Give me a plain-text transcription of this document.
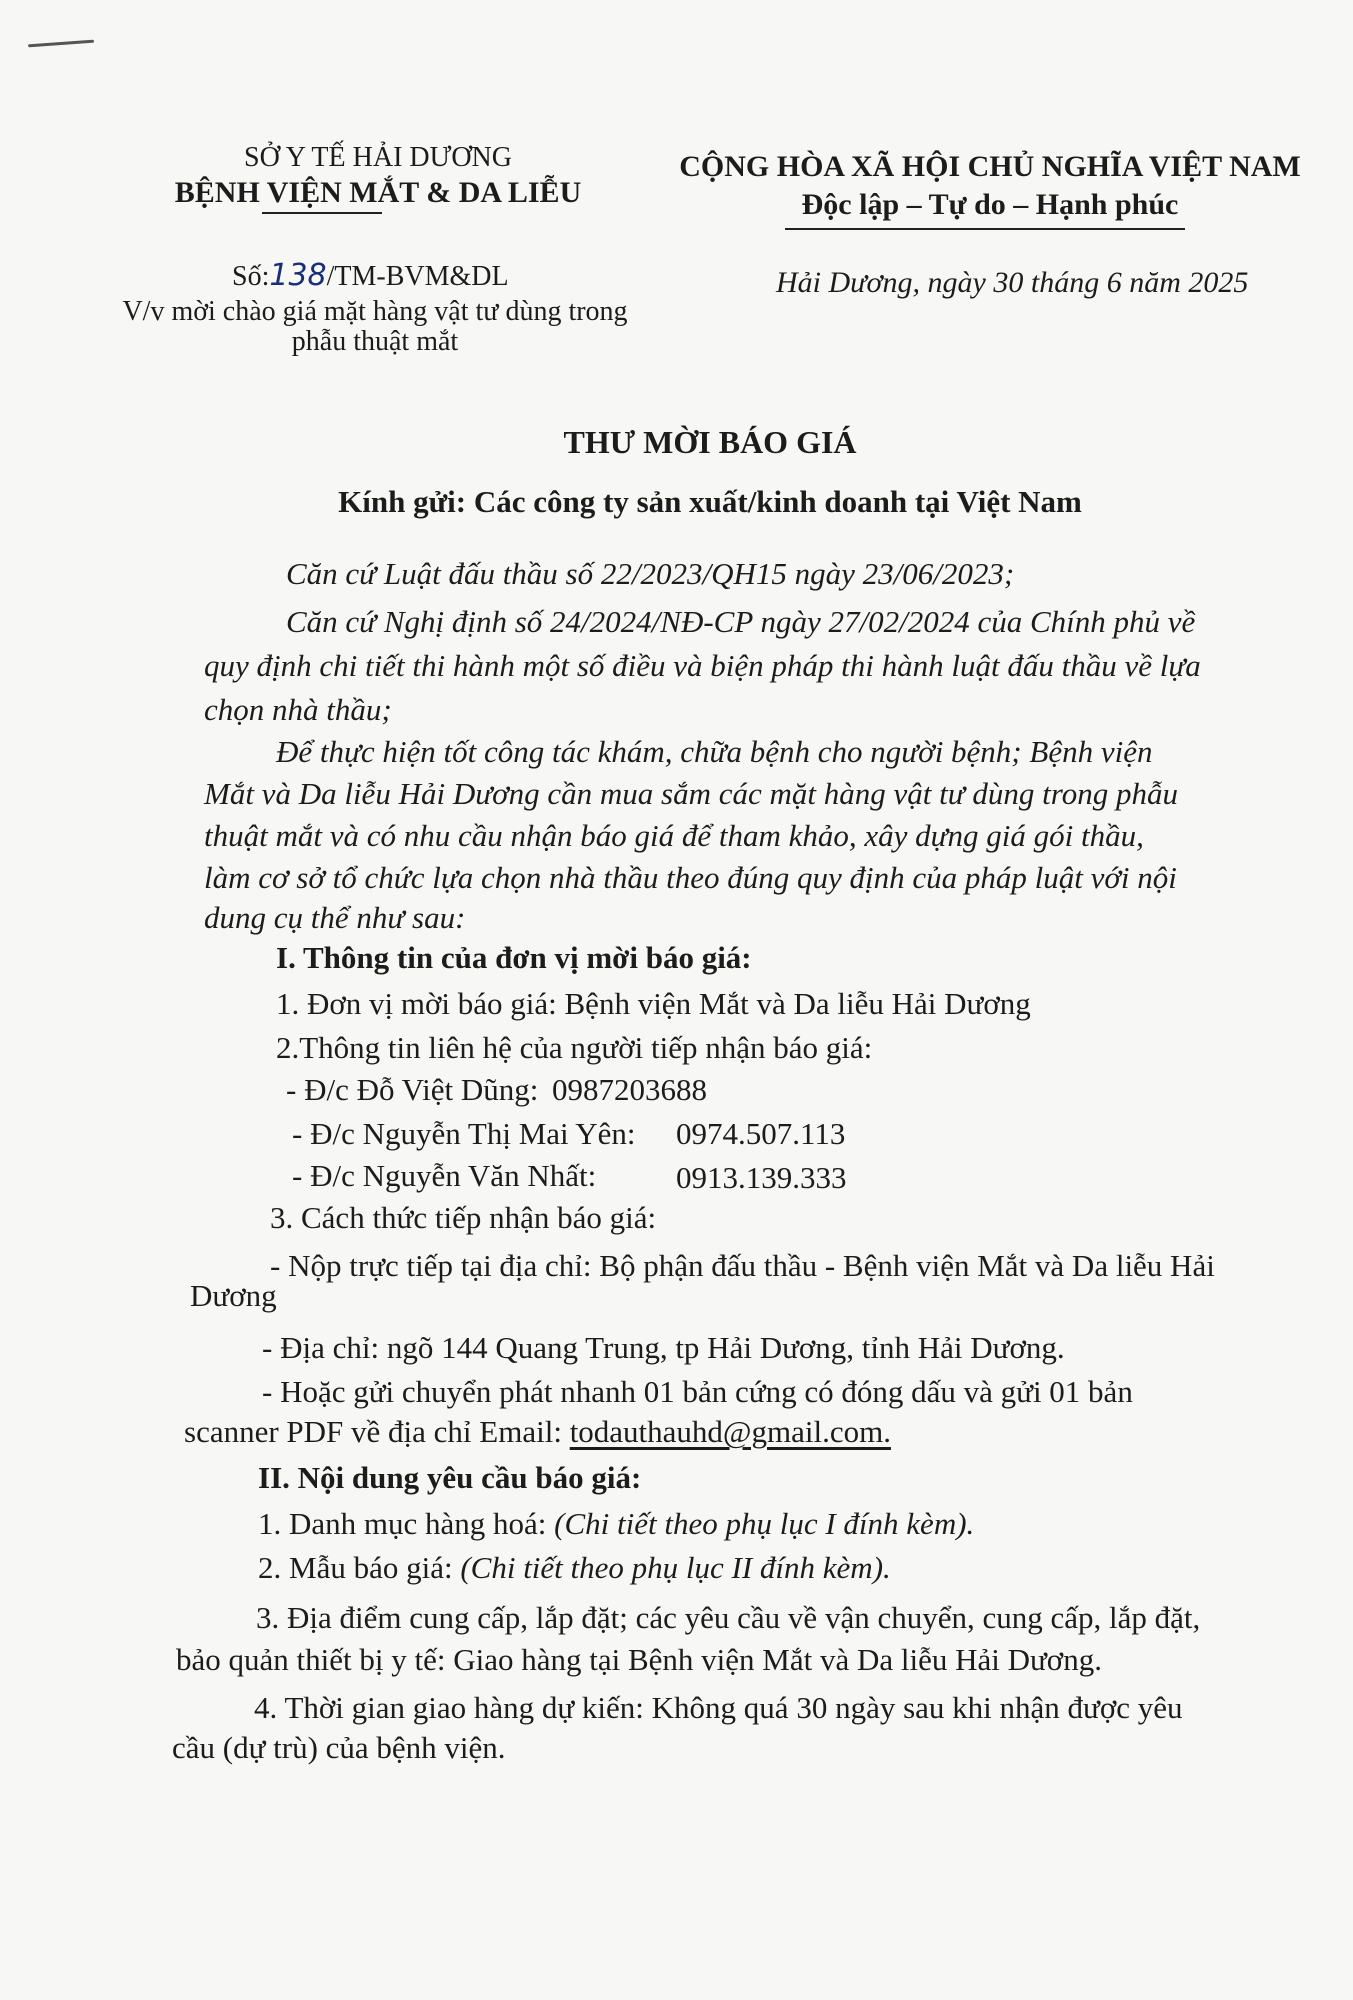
SỞ Y TẾ HẢI DƯƠNG
BỆNH VIỆN MẮT & DA LIỄU
CỘNG HÒA XÃ HỘI CHỦ NGHĨA VIỆT NAM
Độc lập – Tự do – Hạnh phúc
Số:138/TM-BVM&DL
V/v mời chào giá mặt hàng vật tư dùng trong
phẫu thuật mắt
Hải Dương, ngày 30 tháng 6 năm 2025
THƯ MỜI BÁO GIÁ
Kính gửi: Các công ty sản xuất/kinh doanh tại Việt Nam
Căn cứ Luật đấu thầu số 22/2023/QH15 ngày 23/06/2023;
Căn cứ Nghị định số 24/2024/NĐ-CP ngày 27/02/2024 của Chính phủ về
quy định chi tiết thi hành một số điều và biện pháp thi hành luật đấu thầu về lựa
chọn nhà thầu;
Để thực hiện tốt công tác khám, chữa bệnh cho người bệnh; Bệnh viện
Mắt và Da liễu Hải Dương cần mua sắm các mặt hàng vật tư dùng trong phẫu
thuật mắt và có nhu cầu nhận báo giá để tham khảo, xây dựng giá gói thầu,
làm cơ sở tổ chức lựa chọn nhà thầu theo đúng quy định của pháp luật với nội
dung cụ thể như sau:
I. Thông tin của đơn vị mời báo giá:
1. Đơn vị mời báo giá: Bệnh viện Mắt và Da liễu Hải Dương
2.Thông tin liên hệ của người tiếp nhận báo giá:
- Đ/c Đỗ Việt Dũng: 0987203688
- Đ/c Nguyễn Thị Mai Yên: 0974.507.113
- Đ/c Nguyễn Văn Nhất:	0913.139.333
3. Cách thức tiếp nhận báo giá:
- Nộp trực tiếp tại địa chỉ: Bộ phận đấu thầu - Bệnh viện Mắt và Da liễu Hải
Dương
- Địa chỉ: ngõ 144 Quang Trung, tp Hải Dương, tỉnh Hải Dương.
- Hoặc gửi chuyển phát nhanh 01 bản cứng có đóng dấu và gửi 01 bản
scanner PDF về địa chỉ Email: todauthauhd@gmail.com.
II. Nội dung yêu cầu báo giá:
1. Danh mục hàng hoá: (Chi tiết theo phụ lục I đính kèm).
2. Mẫu báo giá: (Chi tiết theo phụ lục II đính kèm).
3. Địa điểm cung cấp, lắp đặt; các yêu cầu về vận chuyển, cung cấp, lắp đặt,
bảo quản thiết bị y tế: Giao hàng tại Bệnh viện Mắt và Da liễu Hải Dương.
4. Thời gian giao hàng dự kiến: Không quá 30 ngày sau khi nhận được yêu
cầu (dự trù) của bệnh viện.
